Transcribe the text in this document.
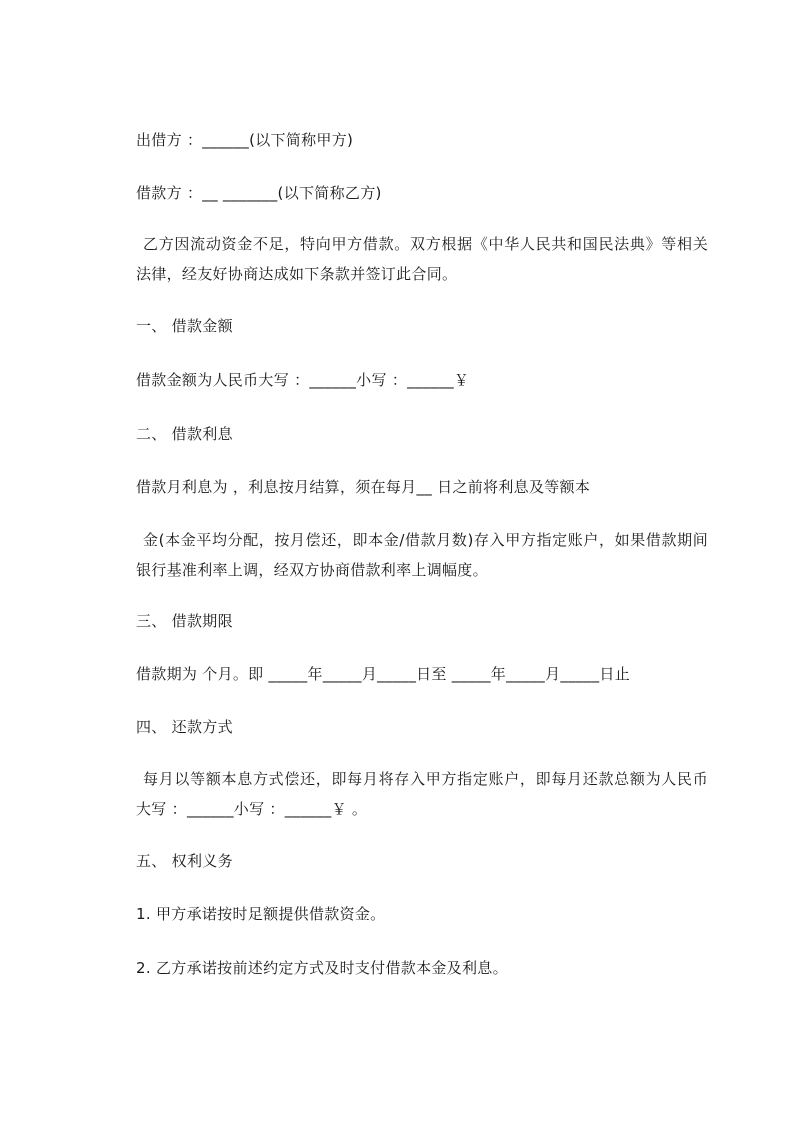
出借方 ：______(以下简称甲方)
借款方 ：__ _______(以下简称乙方)
乙方因流动资金不足，特向甲方借款。双方根据《中华人民共和国民法典》等相关法律，经友好协商达成如下条款并签订此合同。
一、 借款金额
借款金额为人民币大写 ：______小写 ：______￥
二、 借款利息
借款月利息为 ，利息按月结算，须在每月__ 日之前将利息及等额本
金(本金平均分配，按月偿还，即本金/借款月数)存入甲方指定账户，如果借款期间银行基准利率上调，经双方协商借款利率上调幅度。
三、 借款期限
借款期为 个月。即 _____年_____月_____日至 _____年_____月_____日止
四、 还款方式
每月以等额本息方式偿还，即每月将存入甲方指定账户，即每月还款总额为人民币大写 ：______小写 ：______￥ 。
五、 权利义务
1. 甲方承诺按时足额提供借款资金。
2. 乙方承诺按前述约定方式及时支付借款本金及利息。
